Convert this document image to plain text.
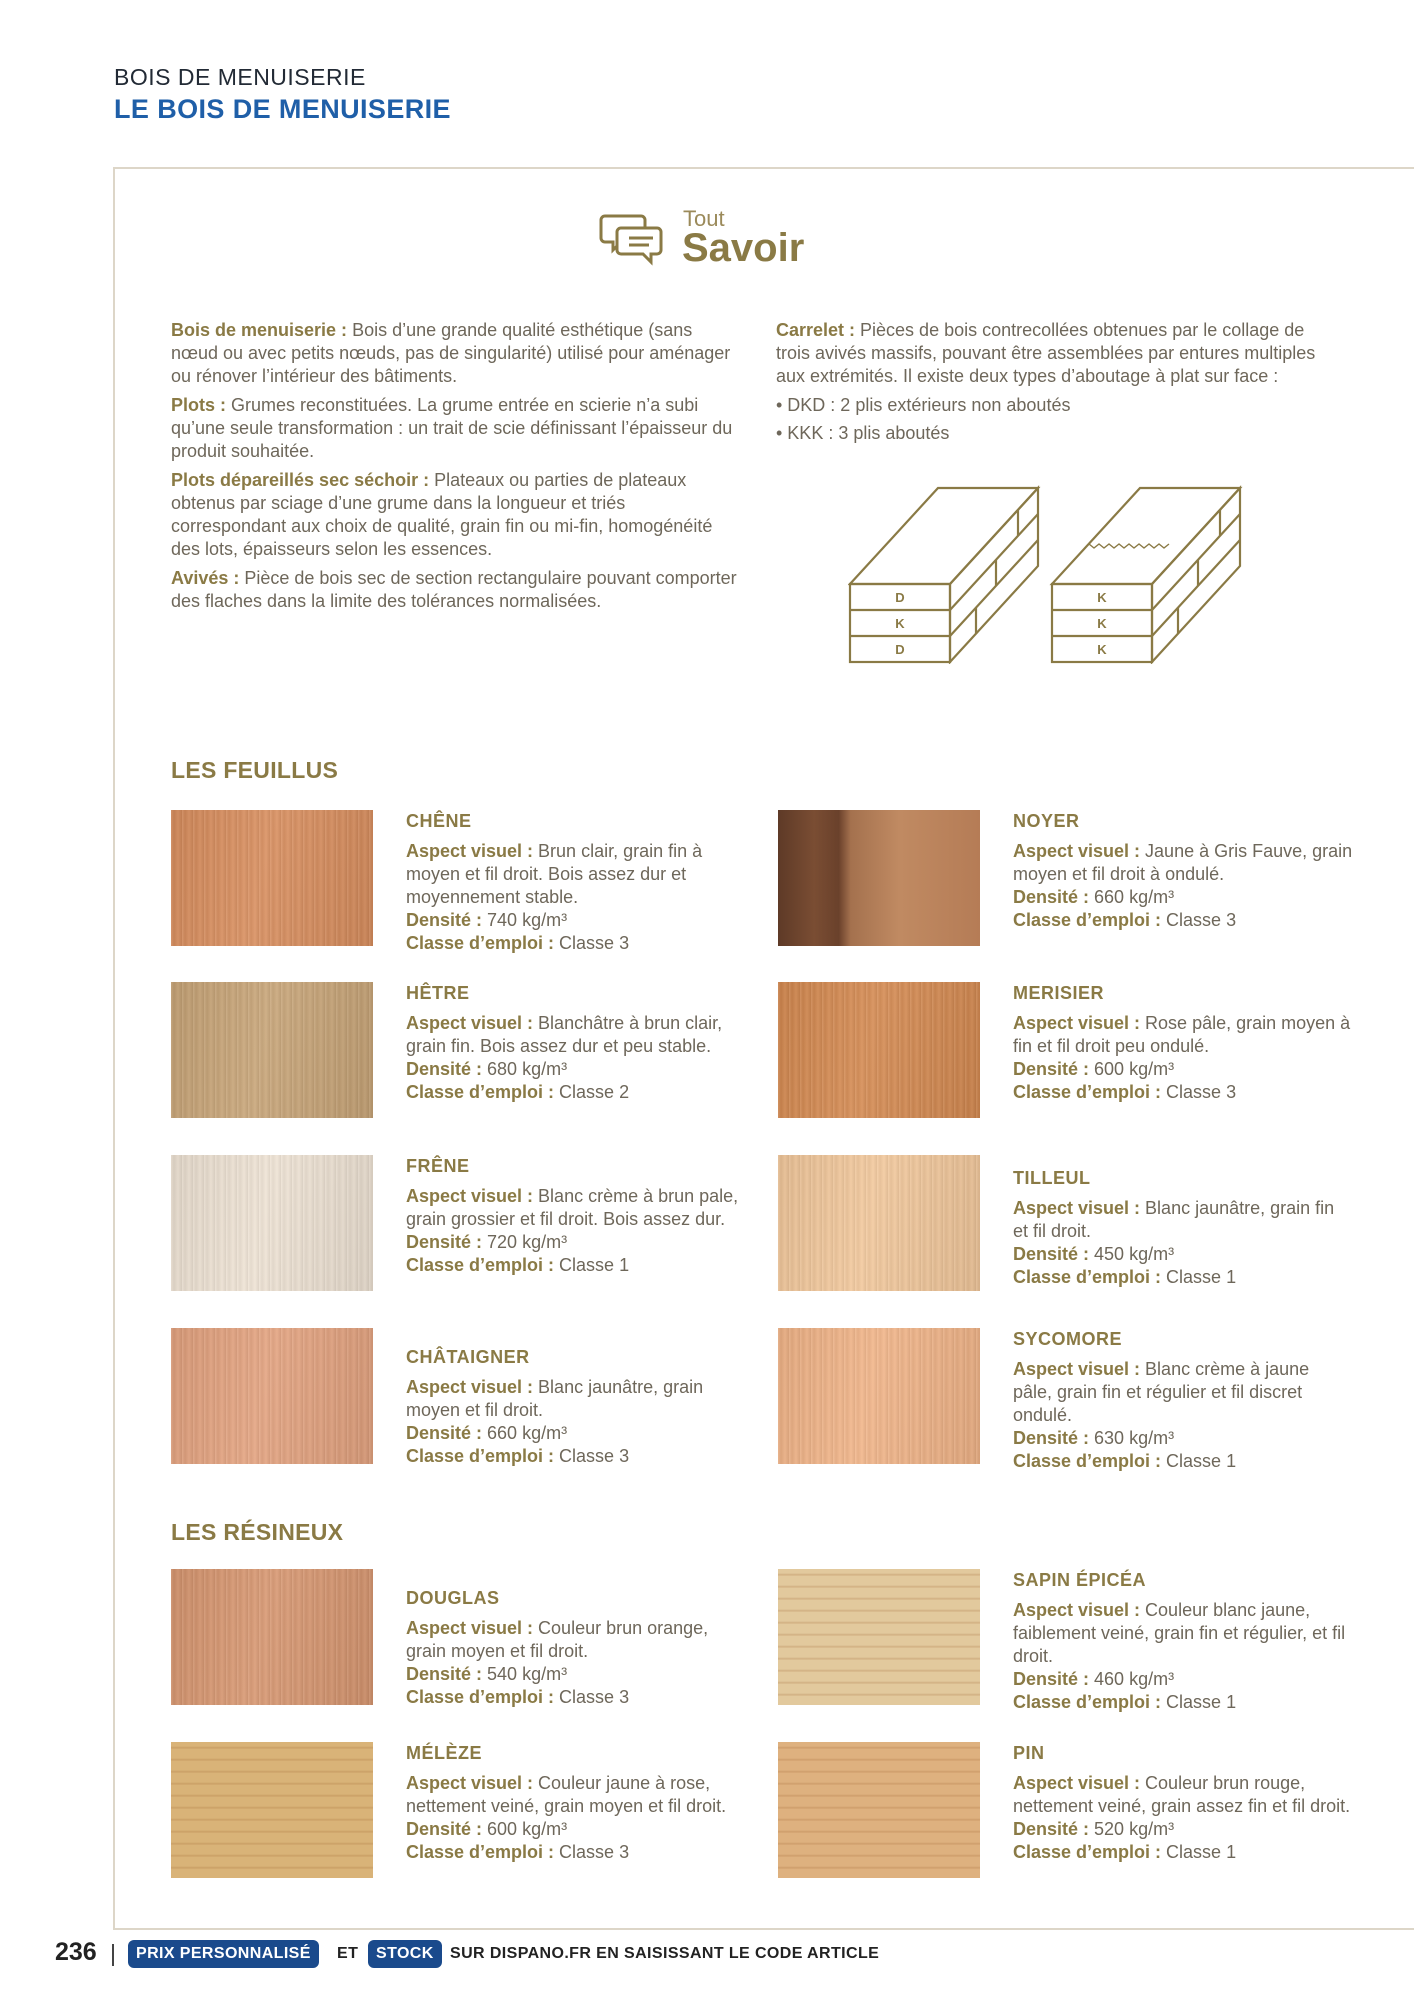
BOIS DE MENUISERIE
LE BOIS DE MENUISERIE
Tout
Savoir

Bois de menuiserie : Bois d’une grande qualité esthétique (sans nœud ou avec petits nœuds, pas de singularité) utilisé pour aménager ou rénover l’intérieur des bâtiments.

Plots : Grumes reconstituées. La grume entrée en scierie n’a subi qu’une seule transformation : un trait de scie définissant l’épaisseur du produit souhaitée.

Plots dépareillés sec séchoir : Plateaux ou parties de plateaux obtenus par sciage d’une grume dans la longueur et triés correspondant aux choix de qualité, grain fin ou mi-fin, homogénéité des lots, épaisseurs selon les essences.

Avivés : Pièce de bois sec de section rectangulaire pouvant comporter des flaches dans la limite des tolérances normalisées.

Carrelet : Pièces de bois contrecollées obtenues par le collage de trois avivés massifs, pouvant être assemblées par entures multiples aux extrémités. Il existe deux types d’aboutage à plat sur face :

• DKD : 2 plis extérieurs non aboutés
• KKK : 3 plis aboutés
D
K
D
K
K
K
LES FEUILLUS
LES RÉSINEUX
CHÊNE
Aspect visuel : Brun clair, grain fin à moyen et fil droit. Bois assez dur et moyennement stable.
Densité : 740 kg/m³
Classe d’emploi : Classe 3
NOYER
Aspect visuel : Jaune à Gris Fauve, grain moyen et fil droit à ondulé.
Densité : 660 kg/m³
Classe d’emploi : Classe 3
HÊTRE
Aspect visuel : Blanchâtre à brun clair, grain fin. Bois assez dur et peu stable.
Densité : 680 kg/m³
Classe d’emploi : Classe 2
MERISIER
Aspect visuel : Rose pâle, grain moyen à fin et fil droit peu ondulé.
Densité : 600 kg/m³
Classe d’emploi : Classe 3
FRÊNE
Aspect visuel : Blanc crème à brun pale, grain grossier et fil droit. Bois assez dur.
Densité : 720 kg/m³
Classe d’emploi : Classe 1
TILLEUL
Aspect visuel : Blanc jaunâtre, grain fin et fil droit.
Densité : 450 kg/m³
Classe d’emploi : Classe 1
CHÂTAIGNER
Aspect visuel : Blanc jaunâtre, grain moyen et fil droit.
Densité : 660 kg/m³
Classe d’emploi : Classe 3
SYCOMORE
Aspect visuel : Blanc crème à jaune pâle, grain fin et régulier et fil discret ondulé.
Densité : 630 kg/m³
Classe d’emploi : Classe 1
DOUGLAS
Aspect visuel : Couleur brun orange, grain moyen et fil droit.
Densité : 540 kg/m³
Classe d’emploi : Classe 3
SAPIN ÉPICÉA
Aspect visuel : Couleur blanc jaune, faiblement veiné, grain fin et régulier, et fil droit.
Densité : 460 kg/m³
Classe d’emploi : Classe 1
MÉLÈZE
Aspect visuel : Couleur jaune à rose, nettement veiné, grain moyen et fil droit.
Densité : 600 kg/m³
Classe d’emploi : Classe 3
PIN
Aspect visuel : Couleur brun rouge, nettement veiné, grain assez fin et fil droit.
Densité : 520 kg/m³
Classe d’emploi : Classe 1
236	PRIX PERSONNALISÉ	ET	STOCK	SUR DISPANO.FR EN SAISISSANT LE CODE ARTICLE
